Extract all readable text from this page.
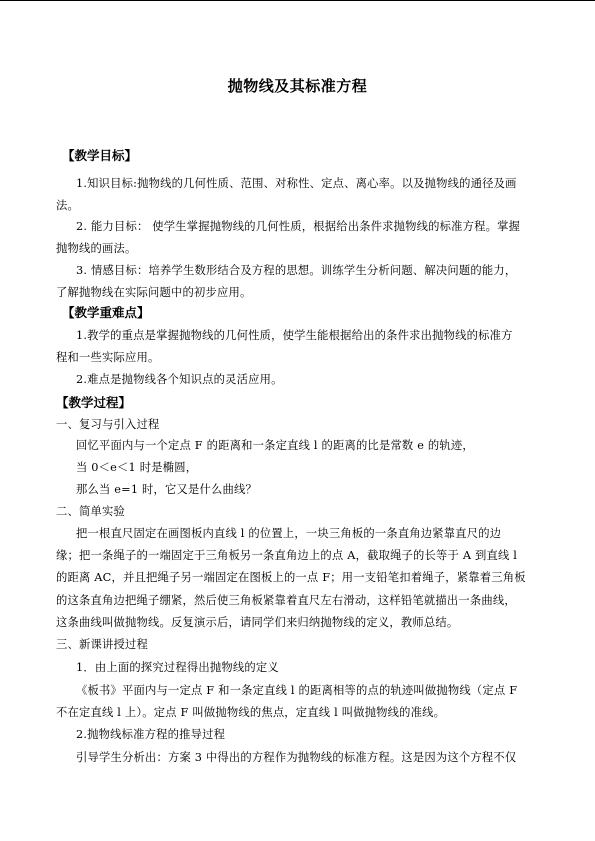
抛物线及其标准方程
【教学目标】
1.知识目标:抛物线的几何性质、范围、对称性、定点、离心率。以及抛物线的通径及画
法。
2. 能力目标： 使学生掌握抛物线的几何性质，根据给出条件求抛物线的标准方程。掌握
抛物线的画法。
3. 情感目标：培养学生数形结合及方程的思想。训练学生分析问题、解决问题的能力，
了解抛物线在实际问题中的初步应用。
【教学重难点】
1.教学的重点是掌握抛物线的几何性质，使学生能根据给出的条件求出抛物线的标准方
程和一些实际应用。
2.难点是抛物线各个知识点的灵活应用。
【教学过程】
一、复习与引入过程
回忆平面内与一个定点 F 的距离和一条定直线 l 的距离的比是常数 e 的轨迹，
当 0＜e＜1 时是椭圆，
那么当 e=1 时，它又是什么曲线？
二、简单实验
把一根直尺固定在画图板内直线 l 的位置上，一块三角板的一条直角边紧靠直尺的边
缘；把一条绳子的一端固定于三角板另一条直角边上的点 A，截取绳子的长等于 A 到直线 l
的距离 AC，并且把绳子另一端固定在图板上的一点 F；用一支铅笔扣着绳子，紧靠着三角板
的这条直角边把绳子绷紧，然后使三角板紧靠着直尺左右滑动，这样铅笔就描出一条曲线，
这条曲线叫做抛物线。反复演示后，请同学们来归纳抛物线的定义，教师总结。
三、新课讲授过程
1．由上面的探究过程得出抛物线的定义
《板书》平面内与一定点 F 和一条定直线 l 的距离相等的点的轨迹叫做抛物线（定点 F
不在定直线 l 上）。定点 F 叫做抛物线的焦点，定直线 l 叫做抛物线的准线。
2.抛物线标准方程的推导过程
引导学生分析出：方案 3 中得出的方程作为抛物线的标准方程。这是因为这个方程不仅
